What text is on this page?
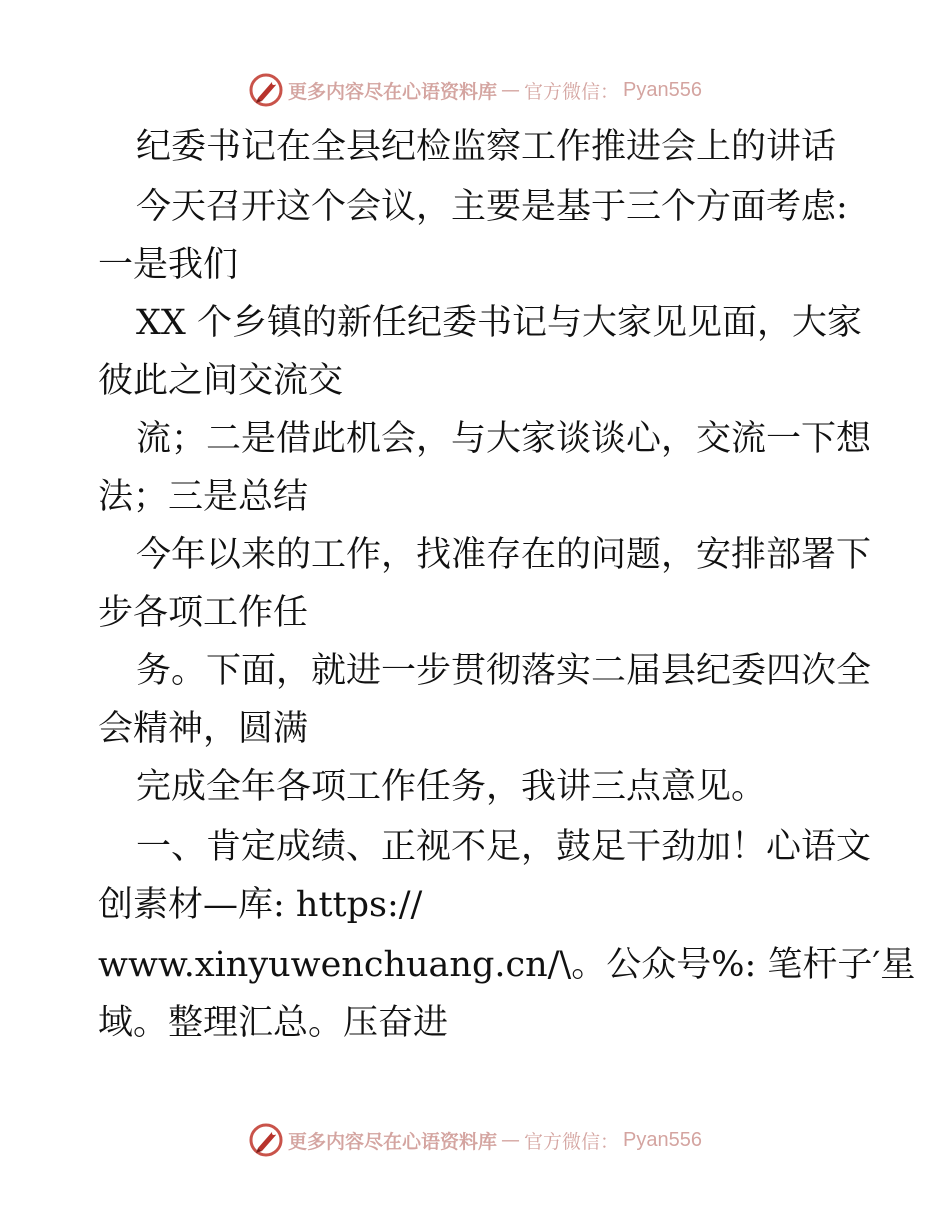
更多内容尽在心语资料库 — 官方微信： Pyan556
纪委书记在全县纪检监察工作推进会上的讲话
今天召开这个会议，主要是基于三个方面考虑:
一是我们
XX 个乡镇的新任纪委书记与大家见见面，大家
彼此之间交流交
流；二是借此机会，与大家谈谈心，交流一下想
法；三是总结
今年以来的工作，找准存在的问题，安排部署下
步各项工作任
务。下面，就进一步贯彻落实二届县纪委四次全
会精神，圆满
完成全年各项工作任务，我讲三点意见。
一、肯定成绩、正视不足，鼓足干劲加！心语文
创素材—库: https://
www.xinyuwenchuang.cn/\。公众号%: 笔杆子′星
域。整理汇总。压奋进
更多内容尽在心语资料库 — 官方微信： Pyan556
